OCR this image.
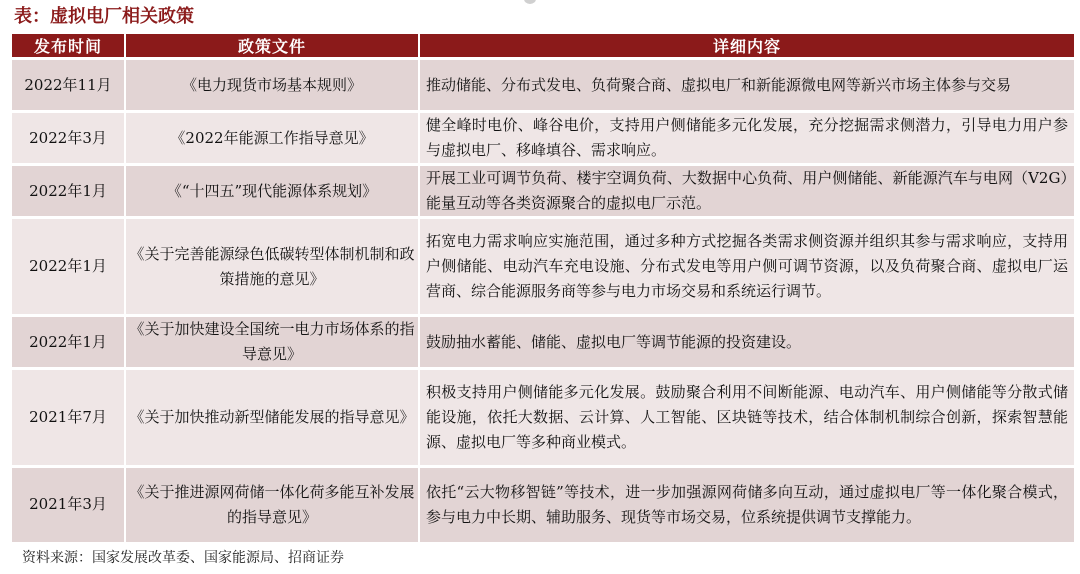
表：虚拟电厂相关政策
发布时间	政策文件	详细内容
2022年11月	《电力现货市场基本规则》	推动储能、分布式发电、负荷聚合商、虚拟电厂和新能源微电网等新兴市场主体参与交易
2022年3月	《2022年能源工作指导意见》	健全峰时电价、峰谷电价，支持用户侧储能多元化发展，充分挖掘需求侧潜力，引导电力用户参与虚拟电厂、移峰填谷、需求响应。
2022年1月	《“十四五”现代能源体系规划》	开展工业可调节负荷、楼宇空调负荷、大数据中心负荷、用户侧储能、新能源汽车与电网（V2G）能量互动等各类资源聚合的虚拟电厂示范。
2022年1月	《关于完善能源绿色低碳转型体制机制和政策措施的意见》	拓宽电力需求响应实施范围，通过多种方式挖掘各类需求侧资源并组织其参与需求响应，支持用户侧储能、电动汽车充电设施、分布式发电等用户侧可调节资源，以及负荷聚合商、虚拟电厂运营商、综合能源服务商等参与电力市场交易和系统运行调节。
2022年1月	《关于加快建设全国统一电力市场体系的指导意见》	鼓励抽水蓄能、储能、虚拟电厂等调节能源的投资建设。
2021年7月	《关于加快推动新型储能发展的指导意见》	积极支持用户侧储能多元化发展。鼓励聚合利用不间断能源、电动汽车、用户侧储能等分散式储能设施，依托大数据、云计算、人工智能、区块链等技术，结合体制机制综合创新，探索智慧能源、虚拟电厂等多种商业模式。
2021年3月	《关于推进源网荷储一体化荷多能互补发展的指导意见》	依托“云大物移智链”等技术，进一步加强源网荷储多向互动，通过虚拟电厂等一体化聚合模式，参与电力中长期、辅助服务、现货等市场交易，位系统提供调节支撑能力。
资料来源：国家发展改革委、国家能源局、招商证券
